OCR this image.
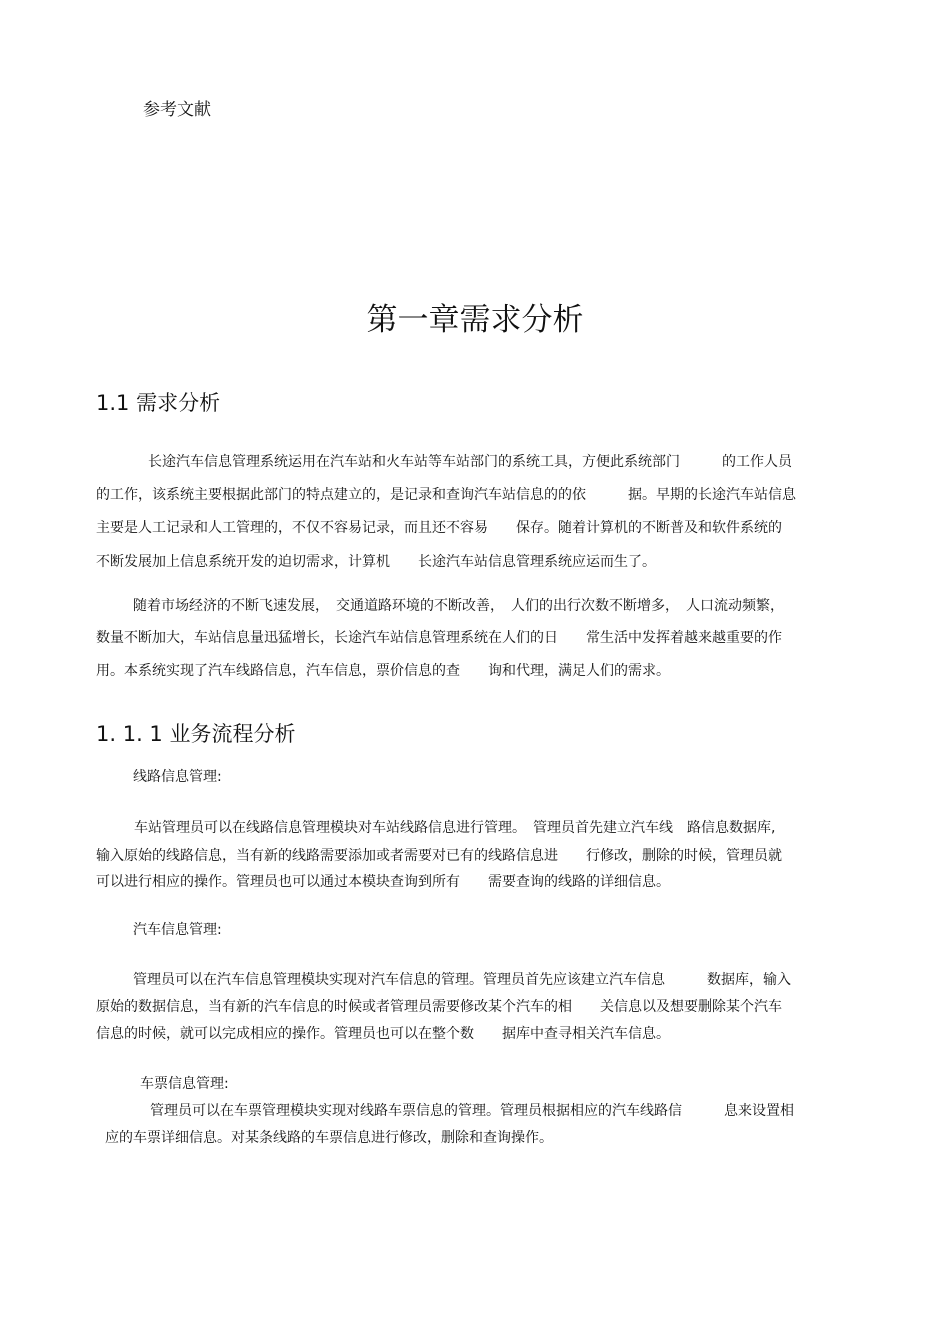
参考文献
第一章需求分析
1.1 需求分析
长途汽车信息管理系统运用在汽车站和火车站等车站部门的系统工具，方便此系统部门　　　的工作人员
的工作，该系统主要根据此部门的特点建立的，是记录和查询汽车站信息的的依　　　据。早期的长途汽车站信息
主要是人工记录和人工管理的，不仅不容易记录，而且还不容易　　保存。随着计算机的不断普及和软件系统的
不断发展加上信息系统开发的迫切需求，计算机　　长途汽车站信息管理系统应运而生了。
随着市场经济的不断飞速发展，　交通道路环境的不断改善，　人们的出行次数不断增多，　人口流动频繁，
数量不断加大，车站信息量迅猛增长，长途汽车站信息管理系统在人们的日　　常生活中发挥着越来越重要的作
用。本系统实现了汽车线路信息，汽车信息，票价信息的查　　询和代理，满足人们的需求。
1. 1. 1 业务流程分析
线路信息管理:
车站管理员可以在线路信息管理模块对车站线路信息进行管理。　管理员首先建立汽车线　路信息数据库,
输入原始的线路信息，当有新的线路需要添加或者需要对已有的线路信息进　　行修改，删除的时候，管理员就
可以进行相应的操作。管理员也可以通过本模块查询到所有　　需要查询的线路的详细信息。
汽车信息管理:
管理员可以在汽车信息管理模块实现对汽车信息的管理。管理员首先应该建立汽车信息　　　数据库，输入
原始的数据信息，当有新的汽车信息的时候或者管理员需要修改某个汽车的相　　关信息以及想要删除某个汽车
信息的时候，就可以完成相应的操作。管理员也可以在整个数　　据库中查寻相关汽车信息。
车票信息管理:
管理员可以在车票管理模块实现对线路车票信息的管理。管理员根据相应的汽车线路信　　　息来设置相
应的车票详细信息。对某条线路的车票信息进行修改，删除和查询操作。
